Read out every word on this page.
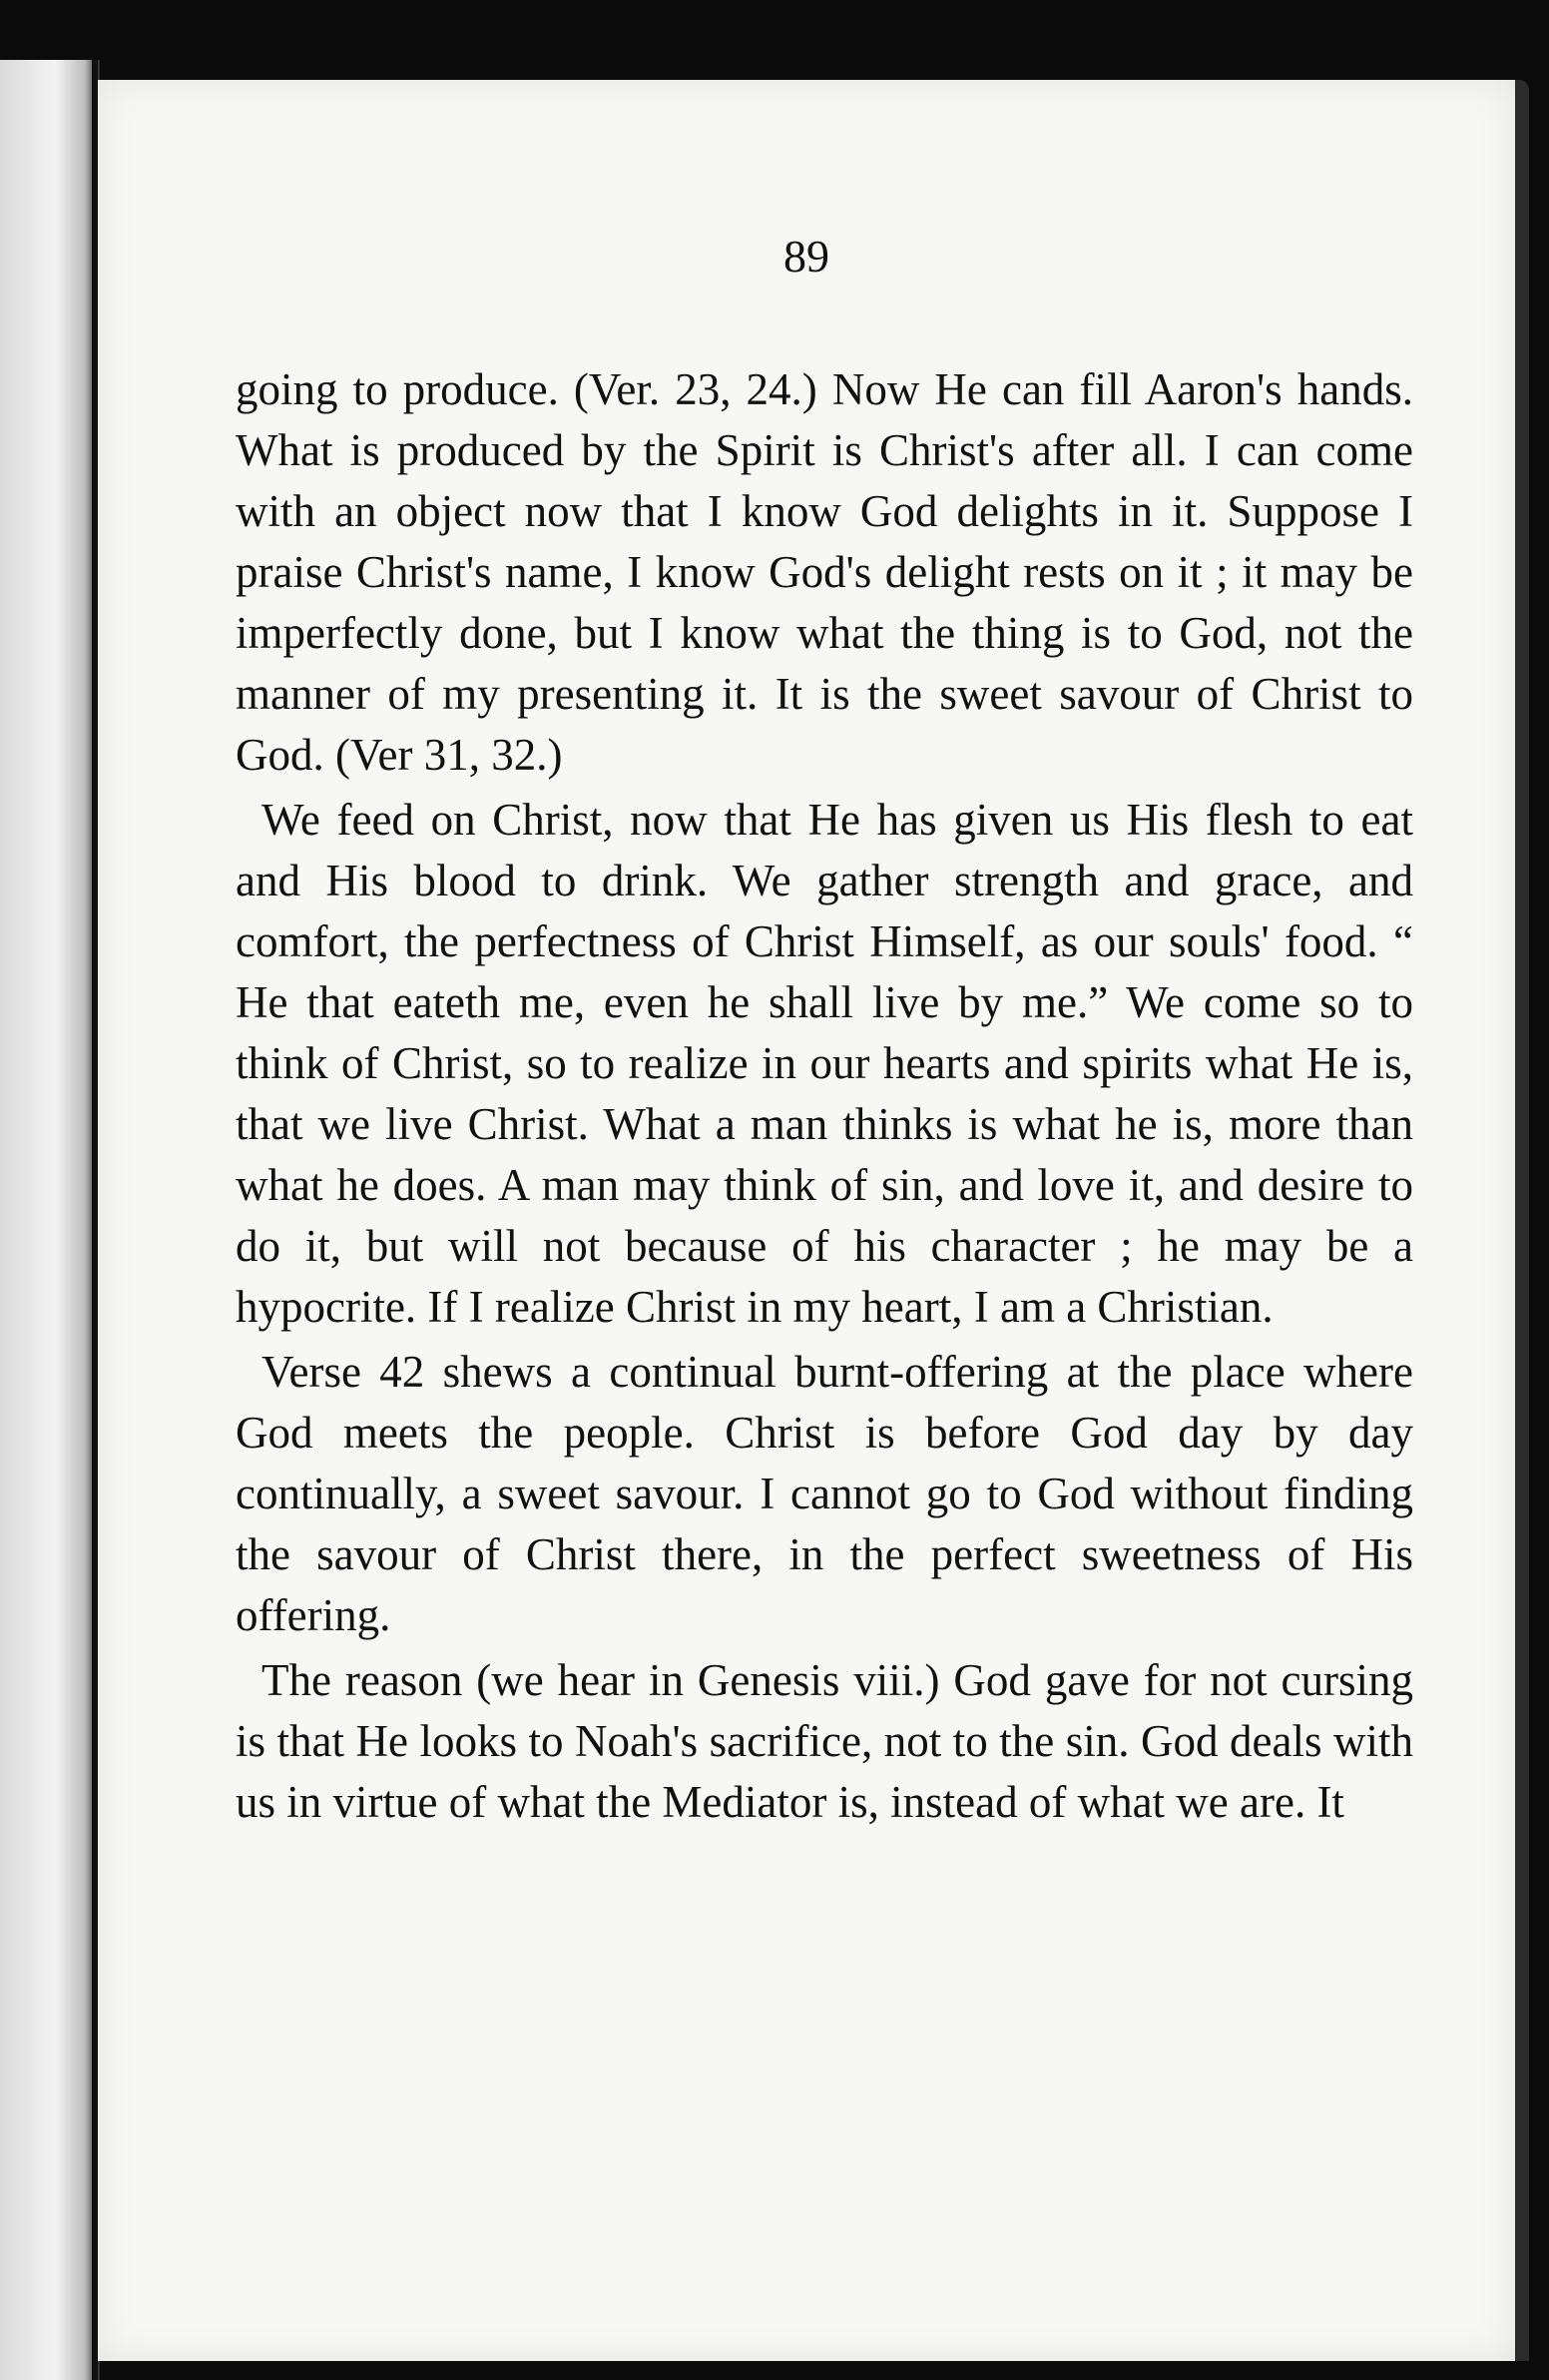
89

going to produce. (Ver. 23, 24.) Now He can fill Aaron's hands. What is produced by the Spirit is Christ's after all. I can come with an object now that I know God delights in it. Suppose I praise Christ's name, I know God's delight rests on it ; it may be imperfectly done, but I know what the thing is to God, not the manner of my presenting it. It is the sweet savour of Christ to God. (Ver 31, 32.)

We feed on Christ, now that He has given us His flesh to eat and His blood to drink. We gather strength and grace, and comfort, the perfectness of Christ Himself, as our souls' food. “ He that eateth me, even he shall live by me.” We come so to think of Christ, so to realize in our hearts and spirits what He is, that we live Christ. What a man thinks is what he is, more than what he does. A man may think of sin, and love it, and desire to do it, but will not because of his character ; he may be a hypocrite. If I realize Christ in my heart, I am a Christian.

Verse 42 shews a continual burnt-offering at the place where God meets the people. Christ is before God day by day continually, a sweet savour. I cannot go to God without finding the savour of Christ there, in the perfect sweetness of His offering.

The reason (we hear in Genesis viii.) God gave for not cursing is that He looks to Noah's sacrifice, not to the sin. God deals with us in virtue of what the Mediator is, instead of what we are. It
